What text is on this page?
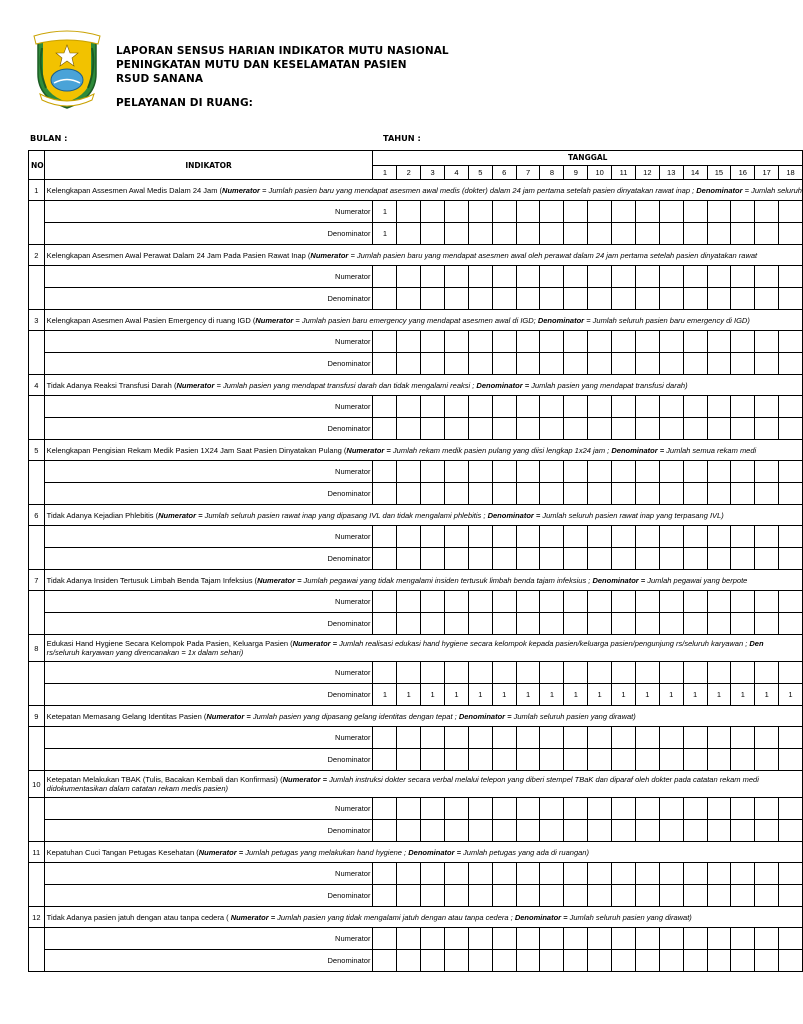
LAPORAN SENSUS HARIAN INDIKATOR MUTU NASIONAL
PENINGKATAN MUTU DAN KESELAMATAN PASIEN
RSUD SANANA
PELAYANAN DI RUANG:
BULAN :	TAHUN :
NO	INDIKATOR	TANGGAL																	
		1	2	3	4	5	6	7	8	9	10	11	12	13	14	15	16	17	18
1	Kelengkapan Assesmen Awal Medis Dalam 24 Jam (Numerator = Jumlah pasien baru yang mendapat asesmen awal medis (dokter) dalam 24 jam pertama setelah pasien dinyatakan rawat inap ; Denominator = Jumlah seluruh																		
	Numerator	1																	
	Denominator	1																	
2	Kelengkapan Asesmen Awal Perawat Dalam 24 Jam Pada Pasien Rawat Inap (Numerator = Jumlah pasien baru yang mendapat asesmen awal oleh perawat dalam 24 jam pertama setelah pasien dinyatakan rawat																		
	Numerator																		
	Denominator																		
3	Kelengkapan Asesmen Awal Pasien Emergency di ruang IGD (Numerator = Jumlah pasien baru emergency yang mendapat asesmen awal di IGD; Denominator = Jumlah seluruh pasien baru emergency di IGD)																		
	Numerator																		
	Denominator																		
4	Tidak Adanya Reaksi Transfusi Darah (Numerator = Jumlah pasien yang mendapat transfusi darah dan tidak mengalami reaksi ; Denominator = Jumlah pasien yang mendapat transfusi darah)																		
	Numerator																		
	Denominator																		
5	Kelengkapan Pengisian Rekam Medik Pasien 1X24 Jam Saat Pasien Dinyatakan Pulang (Numerator = Jumlah rekam medik pasien pulang yang diisi lengkap 1x24 jam ; Denominator = Jumlah semua rekam medi																		
	Numerator																		
	Denominator																		
6	Tidak Adanya Kejadian Phlebitis (Numerator = Jumlah seluruh pasien rawat inap yang dipasang IVL dan tidak mengalami phlebitis ; Denominator = Jumlah seluruh pasien rawat inap yang terpasang IVL)																		
	Numerator																		
	Denominator																		
7	Tidak Adanya Insiden Tertusuk Limbah Benda Tajam Infeksius (Numerator = Jumlah pegawai yang tidak mengalami insiden tertusuk limbah benda tajam infeksius ; Denominator = Jumlah pegawai yang berpote																		
	Numerator																		
	Denominator																		
8	Edukasi Hand Hygiene Secara Kelompok Pada Pasien, Keluarga Pasien (Numerator = Jumlah realisasi edukasi hand hygiene secara kelompok kepada pasien/keluarga pasien/pengunjung rs/seluruh karyawan ; Den
rs/seluruh karyawan yang direncanakan = 1x dalam sehari)																		
	Numerator																		
	Denominator	1	1	1	1	1	1	1	1	1	1	1	1	1	1	1	1	1	1
9	Ketepatan Memasang Gelang Identitas Pasien (Numerator = Jumlah pasien yang dipasang gelang identitas dengan tepat ; Denominator = Jumlah seluruh pasien yang dirawat)																		
	Numerator																		
	Denominator																		
10	Ketepatan Melakukan TBAK (Tulis, Bacakan Kembali dan Konfirmasi) (Numerator = Jumlah instruksi dokter secara verbal melalui telepon yang diberi stempel TBaK dan diparaf oleh dokter pada catatan rekam medi
didokumentasikan dalam catatan rekam medis pasien)																		
	Numerator																		
	Denominator																		
11	Kepatuhan Cuci Tangan Petugas Kesehatan (Numerator = Jumlah petugas yang melakukan hand hygiene ; Denominator = Jumlah petugas yang ada di ruangan)																		
	Numerator																		
	Denominator																		
12	Tidak Adanya pasien jatuh dengan atau tanpa cedera ( Numerator = Jumlah pasien yang tidak mengalami jatuh dengan atau tanpa cedera ; Denominator = Jumlah seluruh pasien yang dirawat)																		
	Numerator																		
	Denominator																		
